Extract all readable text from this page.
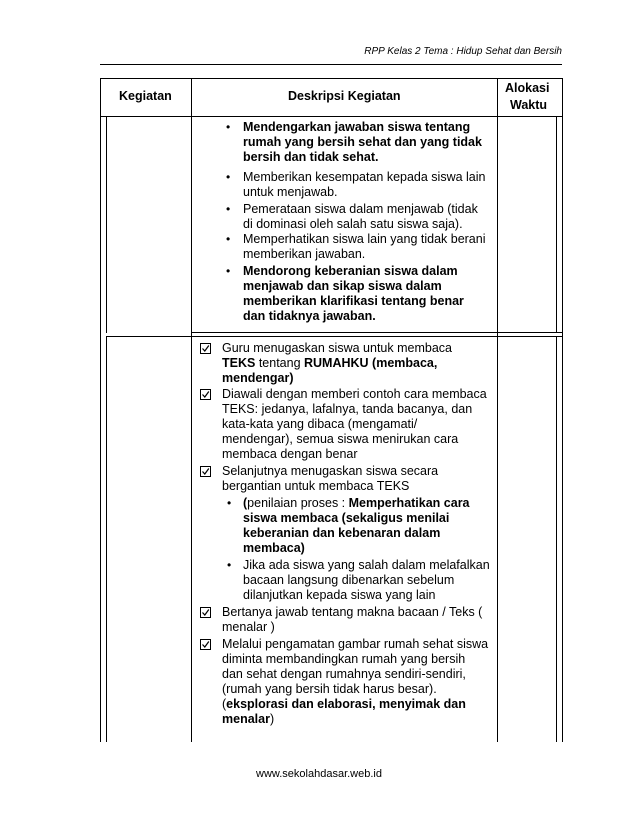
RPP Kelas 2 Tema : Hidup Sehat dan Bersih
Kegiatan	Deskripsi Kegiatan
Alokasi
Waktu
• Mendengarkan jawaban siswa tentang
rumah yang bersih sehat dan yang tidak
bersih dan tidak sehat.
• Memberikan kesempatan kepada siswa lain
untuk menjawab.
• Pemerataan siswa dalam menjawab (tidak
di dominasi oleh salah satu siswa saja).
• Memperhatikan siswa lain yang tidak berani
memberikan jawaban.
• Mendorong keberanian siswa dalam
menjawab dan sikap siswa dalam
memberikan klarifikasi tentang benar
dan tidaknya jawaban.
Guru menugaskan siswa untuk membaca
TEKS tentang RUMAHKU (membaca,
mendengar)
Diawali dengan memberi contoh cara membaca
TEKS: jedanya, lafalnya, tanda bacanya, dan
kata-kata yang dibaca (mengamati/
mendengar), semua siswa menirukan cara
membaca dengan benar
Selanjutnya menugaskan siswa secara
bergantian untuk membaca TEKS
• (penilaian proses : Memperhatikan cara
siswa membaca (sekaligus menilai
keberanian dan kebenaran dalam
membaca)
• Jika ada siswa yang salah dalam melafalkan
bacaan langsung dibenarkan sebelum
dilanjutkan kepada siswa yang lain
Bertanya jawab tentang makna bacaan / Teks (
menalar )
Melalui pengamatan gambar rumah sehat siswa
diminta membandingkan rumah yang bersih
dan sehat dengan rumahnya sendiri-sendiri,
(rumah yang bersih tidak harus besar).
(eksplorasi dan elaborasi, menyimak dan
menalar)
www.sekolahdasar.web.id
